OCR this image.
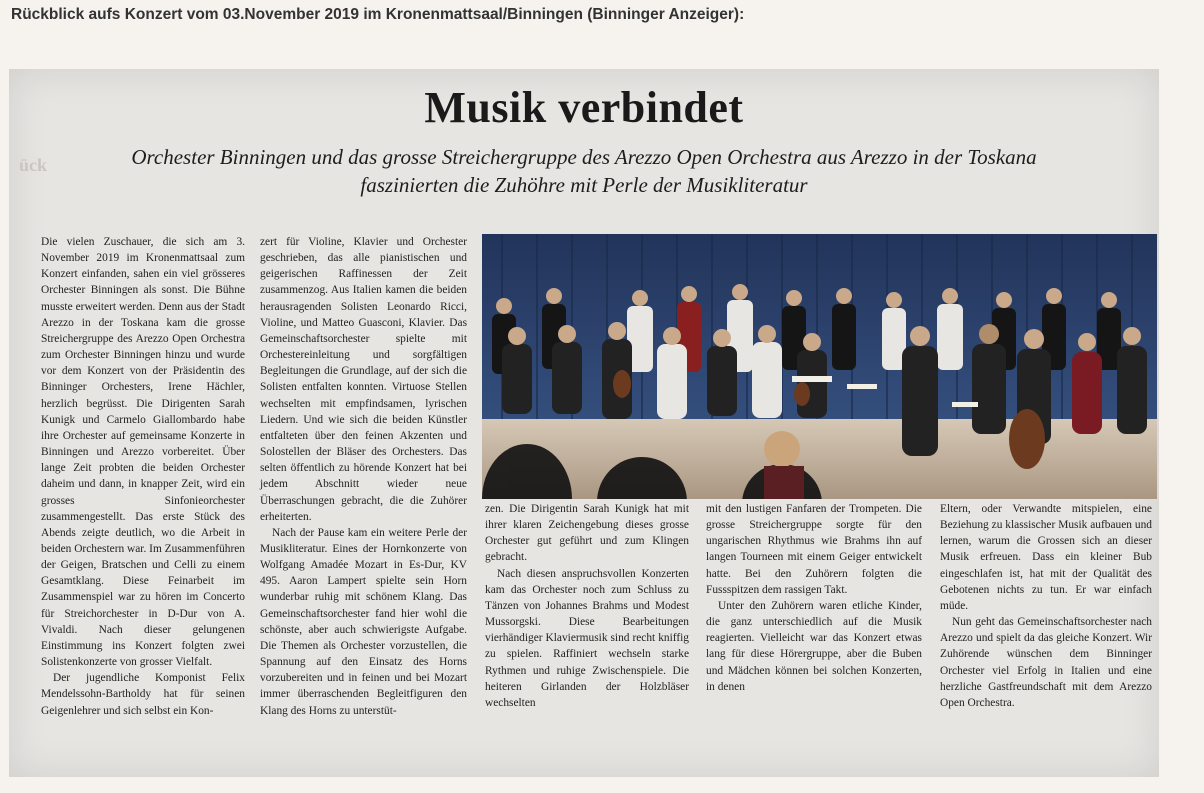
Rückblick aufs Konzert vom 03.November 2019 im Kronenmattsaal/Binningen (Binninger Anzeiger):
ück
Musik verbindet
Orchester Binningen und das grosse Streichergruppe des Arezzo Open Orchestra aus Arezzo in der Toskana
faszinierten die Zuhöhre mit Perle der Musikliteratur

Die vielen Zuschauer, die sich am 3. November 2019 im Kronenmattsaal zum Konzert einfanden, sahen ein viel grösseres Orchester Binningen als sonst. Die Bühne musste erweitert werden. Denn aus der Stadt Arezzo in der Toskana kam die grosse Streichergruppe des Arezzo Open Orchestra zum Orchester Binningen hinzu und wurde vor dem Konzert von der Präsidentin des Binninger Orchesters, Irene Hächler, herzlich begrüsst. Die Dirigenten Sarah Kunigk und Carmelo Giallombardo habe ihre Orchester auf gemeinsame Konzerte in Binningen und Arezzo vorbereitet. Über lange Zeit probten die beiden Orchester daheim und dann, in knapper Zeit, wird ein grosses Sinfonieorchester zusammengestellt. Das erste Stück des Abends zeigte deutlich, wo die Arbeit in beiden Orchestern war. Im Zusammenführen der Geigen, Bratschen und Celli zu einem Gesamtklang. Diese Feinarbeit im Zusammenspiel war zu hören im Concerto für Streichorchester in D-Dur von A. Vivaldi. Nach dieser gelungenen Einstimmung ins Konzert folgten zwei Solistenkonzerte von grosser Vielfalt.

Der jugendliche Komponist Felix Mendelssohn-Bartholdy hat für seinen Geigenlehrer und sich selbst ein Kon-

zert für Violine, Klavier und Orchester geschrieben, das alle pianistischen und geigerischen Raffinessen der Zeit zusammenzog. Aus Italien kamen die beiden herausragenden Solisten Leonardo Ricci, Violine, und Matteo Guasconi, Klavier. Das Gemeinschaftsorchester spielte mit Orchestereinleitung und sorgfältigen Begleitungen die Grundlage, auf der sich die Solisten entfalten konnten. Virtuose Stellen wechselten mit empfindsamen, lyrischen Liedern. Und wie sich die beiden Künstler entfalteten über den feinen Akzenten und Solostellen der Bläser des Orchesters. Das selten öffentlich zu hörende Konzert hat bei jedem Abschnitt wieder neue Überraschungen gebracht, die die Zuhörer erheiterten.

Nach der Pause kam ein weitere Perle der Musikliteratur. Eines der Hornkonzerte von Wolfgang Amadée Mozart in Es-Dur, KV 495. Aaron Lampert spielte sein Horn wunderbar ruhig mit schönem Klang. Das Gemeinschaftsorchester fand hier wohl die schönste, aber auch schwierigste Aufgabe. Die Themen als Orchester vorzustellen, die Spannung auf den Einsatz des Horns vorzubereiten und in feinen und bei Mozart immer überraschenden Begleitfiguren den Klang des Horns zu unterstüt-

zen. Die Dirigentin Sarah Kunigk hat mit ihrer klaren Zeichengebung dieses grosse Orchester gut geführt und zum Klingen gebracht.

Nach diesen anspruchsvollen Konzerten kam das Orchester noch zum Schluss zu Tänzen von Johannes Brahms und Modest Mussorgski. Diese Bearbeitungen vierhändiger Klaviermusik sind recht kniffig zu spielen. Raffiniert wechseln starke Rythmen und ruhige Zwischenspiele. Die heiteren Girlanden der Holzbläser wechselten

mit den lustigen Fanfaren der Trompeten. Die grosse Streichergruppe sorgte für den ungarischen Rhythmus wie Brahms ihn auf langen Tourneen mit einem Geiger entwickelt hatte. Bei den Zuhörern folgten die Fussspitzen dem rassigen Takt.

Unter den Zuhörern waren etliche Kinder, die ganz unterschiedlich auf die Musik reagierten. Vielleicht war das Konzert etwas lang für diese Hörergruppe, aber die Buben und Mädchen können bei solchen Konzerten, in denen

Eltern, oder Verwandte mitspielen, eine Beziehung zu klassischer Musik aufbauen und lernen, warum die Grossen sich an dieser Musik erfreuen. Dass ein kleiner Bub eingeschlafen ist, hat mit der Qualität des Gebotenen nichts zu tun. Er war einfach müde.

Nun geht das Gemeinschaftsorchester nach Arezzo und spielt da das gleiche Konzert. Wir Zuhörende wünschen dem Binninger Orchester viel Erfolg in Italien und eine herzliche Gastfreundschaft mit dem Arezzo Open Orchestra.
